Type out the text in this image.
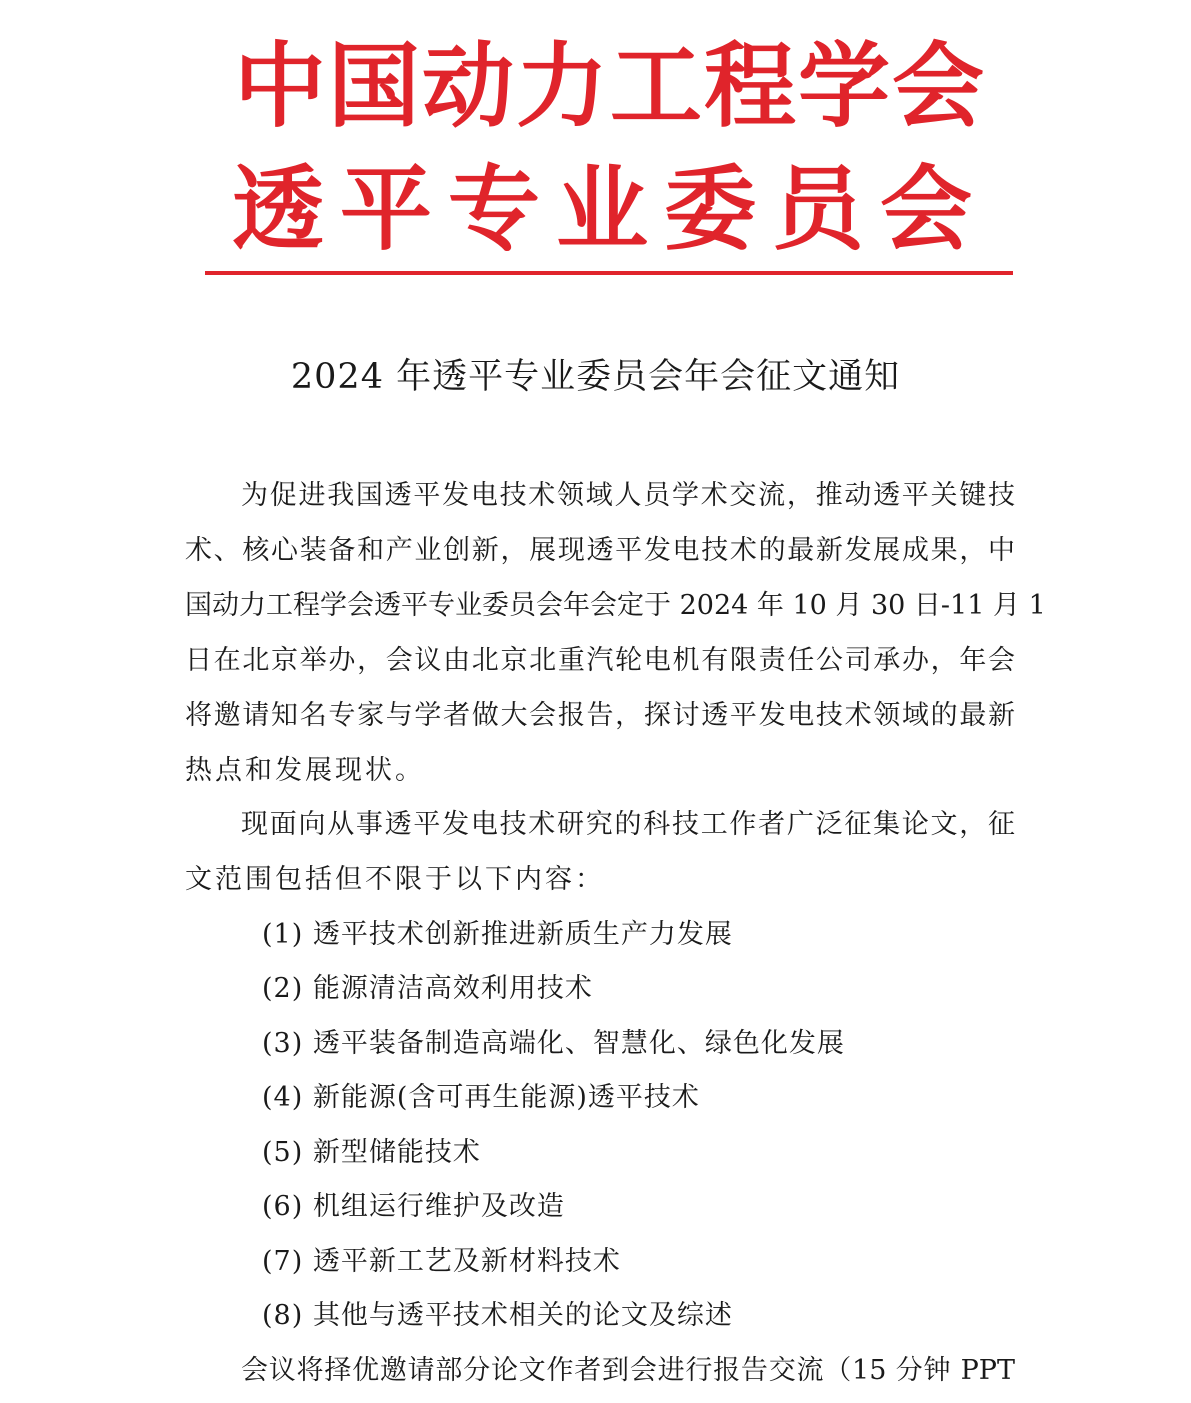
中国动力工程学会
透平专业委员会
2024 年透平专业委员会年会征文通知
为促进我国透平发电技术领域人员学术交流，推动透平关键技
术、核心装备和产业创新，展现透平发电技术的最新发展成果，中
国动力工程学会透平专业委员会年会定于 2024 年 10 月 30 日-11 月 1
日在北京举办，会议由北京北重汽轮电机有限责任公司承办，年会
将邀请知名专家与学者做大会报告，探讨透平发电技术领域的最新
热点和发展现状。
现面向从事透平发电技术研究的科技工作者广泛征集论文，征
文范围包括但不限于以下内容：
(1) 透平技术创新推进新质生产力发展
(2) 能源清洁高效利用技术
(3) 透平装备制造高端化、智慧化、绿色化发展
(4) 新能源(含可再生能源)透平技术
(5) 新型储能技术
(6) 机组运行维护及改造
(7) 透平新工艺及新材料技术
(8) 其他与透平技术相关的论文及综述
会议将择优邀请部分论文作者到会进行报告交流（15 分钟 PPT
